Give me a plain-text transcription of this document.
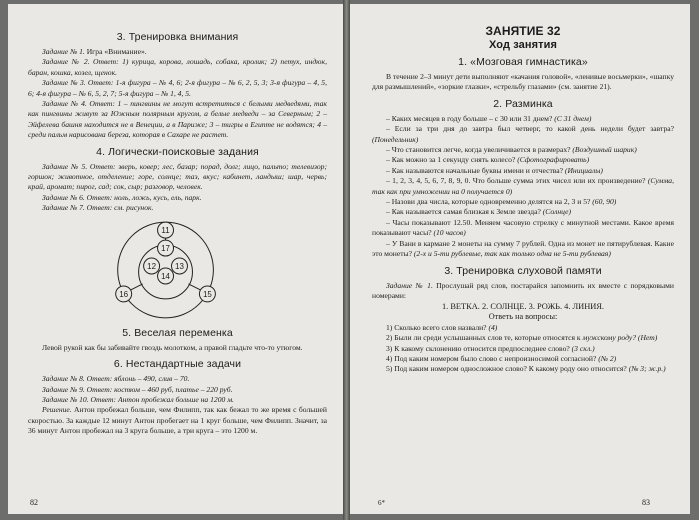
3. Тренировка внимания

Задание № 1. Игра «Внимание».

Задание № 2. Ответ: 1) курица, корова, лошадь, собака, кролик; 2) петух, индюк, баран, кошка, козел, щенок.

Задание № 3. Ответ: 1-я фигура – № 4, 6; 2-я фигура – № 6, 2, 5, 3; 3-я фигура – 4, 5, 6; 4-я фигура – № 6, 5, 2, 7; 5-я фигура – № 1, 4, 5.

Задание № 4. Ответ: 1 – пингвины не могут встретиться с белыми медведями, так как пингвины живут за Южным полярным кругом, а белые медведи – за Северным; 2 – Эйфелева башня находится не в Венеции, а в Париже; 3 – тигры в Египте не водятся; 4 – среди пальм нарисована береза, которая в Сахаре не растет.

4. Логически-поисковые задания

Задание № 5. Ответ: зверь, ковер; лес, базар; порад, долг; лицо, пальто; телевизор; горшок; животное, отделение; горе, солнце; таз, вкус; кабинет, ландыш; шар, червь; край, аромат; пирог, сад; сок, сыр; разговор, человек.

Задание № 6. Ответ: ноль, ложь, кусь, ель, парк.

Задание № 7. Ответ: см. рисунок.

11
17
12
14
13
16	15
5. Веселая переменка

Левой рукой как бы забивайте гвоздь молотком, а правой гладьте что-то утюгом.

6. Нестандартные задачи

Задание № 8. Ответ: яблонь – 490, слив – 70.

Задание № 9. Ответ: костюм – 460 руб, платье – 220 руб.

Задание № 10. Ответ: Антон пробежал больше на 1200 м.

Решение. Антон пробежал больше, чем Филипп, так как бежал то же время с большей скоростью. За каждые 12 минут Антон пробегает на 1 круг больше, чем Филипп. Значит, за 36 минут Антон пробежал на 3 круга больше, а три круга – это 1200 м.

82
ЗАНЯТИЕ 32
Ход занятия
1. «Мозговая гимнастика»

В течение 2–3 минут дети выполняют «качания головой», «ленивые восьмерки», «шапку для размышлений», «зоркие глазки», «стрельбу глазами» (см. занятие 21).

2. Разминка

– Каких месяцев в году больше – с 30 или 31 днем? (С 31 днем)

– Если за три дня до завтра был четверг, то какой день недели будет завтра? (Понедельник)

– Что становится легче, когда увеличивается в размерах? (Воздушный шарик)

– Как можно за 1 секунду снять колесо? (Сфотографировать)

– Как называются начальные буквы имени и отчества? (Инициалы)

– 1, 2, 3, 4, 5, 6, 7, 8, 9, 0. Что больше сумма этих чисел или их произведение? (Сумма, так как при умножении на 0 получается 0)

– Назови два числа, которые одновременно делятся на 2, 3 и 5? (60, 90)

– Как называется самая близкая к Земле звезда? (Солнце)

– Часы показывают 12.50. Меняем часовую стрелку с минутной местами. Какое время показывают часы? (10 часов)

– У Вани в кармане 2 монеты на сумму 7 рублей. Одна из монет не пятирублевая. Какие это монеты? (2-х и 5-ти рублевые, так как только одна не 5-ти рублевая)

3. Тренировка слуховой памяти

Задание № 1. Прослушай ряд слов, постарайся запомнить их вместе с порядковыми номерами:

1. ВЕТКА. 2. СОЛНЦЕ. 3. РОЖЬ. 4. ЛИНИЯ.

Ответь на вопросы:

1) Сколько всего слов назвали? (4)

2) Были ли среди услышанных слов те, которые относятся к мужскому роду? (Нет)

3) К какому склонению относится предпоследнее слово? (3 скл.)

4) Под каким номером было слово с непроизносимой согласной? (№ 2)

5) Под каким номером односложное слово? К какому роду оно относится? (№ 3; ж.р.)

6*	83
